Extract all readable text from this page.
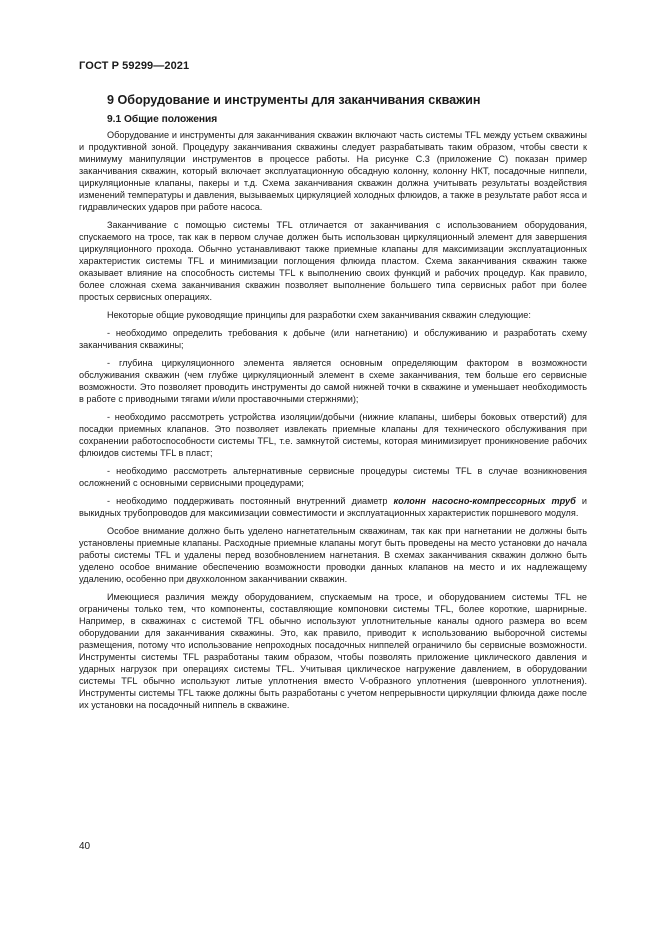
ГОСТ Р 59299—2021
9 Оборудование и инструменты для заканчивания скважин
9.1 Общие положения

Оборудование и инструменты для заканчивания скважин включают часть системы TFL между устьем скважины и продуктивной зоной. Процедуру заканчивания скважины следует разрабатывать таким образом, чтобы свести к минимуму манипуляции инструментов в процессе работы. На рисунке С.3 (приложение С) показан пример заканчивания скважин, который включает эксплуатационную обсадную колонну, колонну НКТ, посадочные ниппели, циркуляционные клапаны, пакеры и т.д. Схема заканчивания скважин должна учитывать результаты воздействия изменений температуры и давления, вызываемых циркуляцией холодных флюидов, а также в результате работ ясса и гидравлических ударов при работе насоса.

Заканчивание с помощью системы TFL отличается от заканчивания с использованием оборудования, спускаемого на тросе, так как в первом случае должен быть использован циркуляционный элемент для завершения циркуляционного прохода. Обычно устанавливают также приемные клапаны для максимизации эксплуатационных характеристик системы TFL и минимизации поглощения флюида пластом. Схема заканчивания скважин также оказывает влияние на способность системы TFL к выполнению своих функций и рабочих процедур. Как правило, более сложная схема заканчивания скважин позволяет выполнение большего типа сервисных работ при более простых сервисных операциях.

Некоторые общие руководящие принципы для разработки схем заканчивания скважин следующие:

- необходимо определить требования к добыче (или нагнетанию) и обслуживанию и разработать схему заканчивания скважины;

- глубина циркуляционного элемента является основным определяющим фактором в возможности обслуживания скважин (чем глубже циркуляционный элемент в схеме заканчивания, тем больше его сервисные возможности. Это позволяет проводить инструменты до самой нижней точки в скважине и уменьшает необходимость в работе с приводными тягами и/или проставочными стержнями);

- необходимо рассмотреть устройства изоляции/добычи (нижние клапаны, шиберы боковых отверстий) для посадки приемных клапанов. Это позволяет извлекать приемные клапаны для технического обслуживания при сохранении работоспособности системы TFL, т.е. замкнутой системы, которая минимизирует проникновение рабочих флюидов системы TFL в пласт;

- необходимо рассмотреть альтернативные сервисные процедуры системы TFL в случае возникновения осложнений с основными сервисными процедурами;

- необходимо поддерживать постоянный внутренний диаметр колонн насосно-компрессорных труб и выкидных трубопроводов для максимизации совместимости и эксплуатационных характеристик поршневого модуля.

Особое внимание должно быть уделено нагнетательным скважинам, так как при нагнетании не должны быть установлены приемные клапаны. Расходные приемные клапаны могут быть проведены на место установки до начала работы системы TFL и удалены перед возобновлением нагнетания. В схемах заканчивания скважин должно быть уделено особое внимание обеспечению возможности проводки данных клапанов на место и их надлежащему удалению, особенно при двухколонном заканчивании скважин.

Имеющиеся различия между оборудованием, спускаемым на тросе, и оборудованием системы TFL не ограничены только тем, что компоненты, составляющие компоновки системы TFL, более короткие, шарнирные. Например, в скважинах с системой TFL обычно используют уплотнительные каналы одного размера во всем оборудовании для заканчивания скважины. Это, как правило, приводит к использованию выборочной системы размещения, потому что использование непроходных посадочных ниппелей ограничило бы сервисные возможности. Инструменты системы TFL разработаны таким образом, чтобы позволять приложение циклического давления и ударных нагрузок при операциях системы TFL. Учитывая циклическое нагружение давлением, в оборудовании системы TFL обычно используют литые уплотнения вместо V-образного уплотнения (шевронного уплотнения). Инструменты системы TFL также должны быть разработаны с учетом непрерывности циркуляции флюида даже после их установки на посадочный ниппель в скважине.

40
